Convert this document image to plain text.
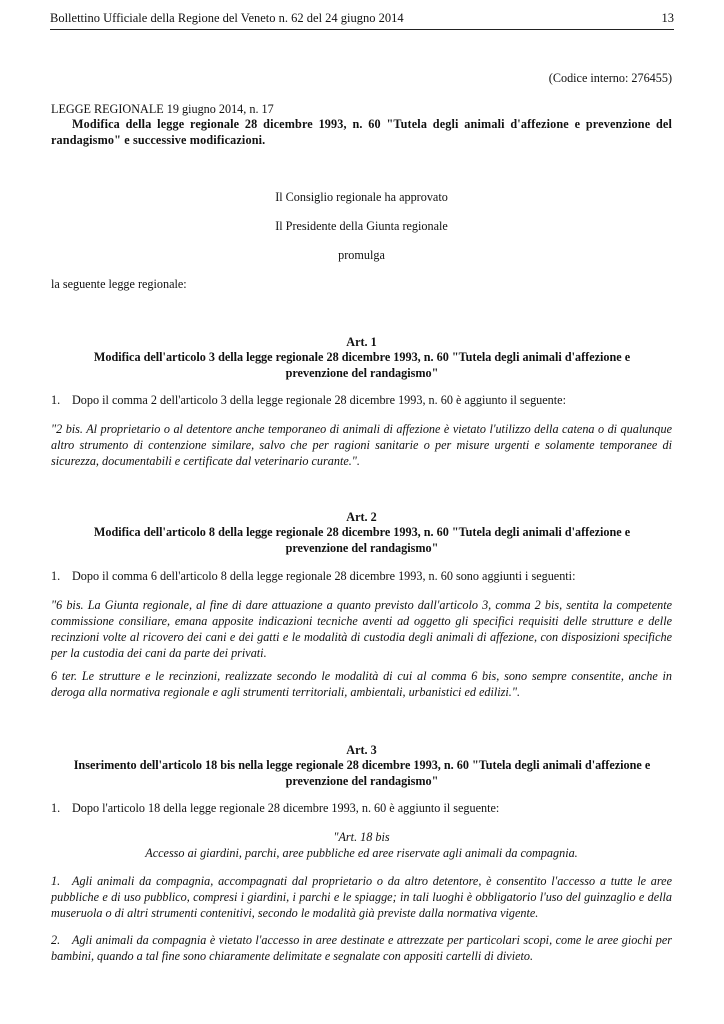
Bollettino Ufficiale della Regione del Veneto n. 62 del 24 giugno 2014	13
(Codice interno: 276455)
LEGGE REGIONALE 19 giugno 2014, n. 17
Modifica della legge regionale 28 dicembre 1993, n. 60 "Tutela degli animali d'affezione e prevenzione del randagismo" e successive modificazioni.
Il Consiglio regionale ha approvato
Il Presidente della Giunta regionale
promulga
la seguente legge regionale:
Art. 1
Modifica dell'articolo 3 della legge regionale 28 dicembre 1993, n. 60 "Tutela degli animali d'affezione e prevenzione del randagismo"
1. Dopo il comma 2 dell'articolo 3 della legge regionale 28 dicembre 1993, n. 60 è aggiunto il seguente:
"2 bis. Al proprietario o al detentore anche temporaneo di animali di affezione è vietato l'utilizzo della catena o di qualunque altro strumento di contenzione similare, salvo che per ragioni sanitarie o per misure urgenti e solamente temporanee di sicurezza, documentabili e certificate dal veterinario curante.".
Art. 2
Modifica dell'articolo 8 della legge regionale 28 dicembre 1993, n. 60 "Tutela degli animali d'affezione e prevenzione del randagismo"
1. Dopo il comma 6 dell'articolo 8 della legge regionale 28 dicembre 1993, n. 60 sono aggiunti i seguenti:
"6 bis. La Giunta regionale, al fine di dare attuazione a quanto previsto dall'articolo 3, comma 2 bis, sentita la competente commissione consiliare, emana apposite indicazioni tecniche aventi ad oggetto gli specifici requisiti delle strutture e delle recinzioni volte al ricovero dei cani e dei gatti e le modalità di custodia degli animali di affezione, con disposizioni specifiche per la custodia dei cani da parte dei privati.
6 ter. Le strutture e le recinzioni, realizzate secondo le modalità di cui al comma 6 bis, sono sempre consentite, anche in deroga alla normativa regionale e agli strumenti territoriali, ambientali, urbanistici ed edilizi.".
Art. 3
Inserimento dell'articolo 18 bis nella legge regionale 28 dicembre 1993, n. 60 "Tutela degli animali d'affezione e prevenzione del randagismo"
1. Dopo l'articolo 18 della legge regionale 28 dicembre 1993, n. 60 è aggiunto il seguente:
"Art. 18 bis
Accesso ai giardini, parchi, aree pubbliche ed aree riservate agli animali da compagnia.
1. Agli animali da compagnia, accompagnati dal proprietario o da altro detentore, è consentito l'accesso a tutte le aree pubbliche e di uso pubblico, compresi i giardini, i parchi e le spiagge; in tali luoghi è obbligatorio l'uso del guinzaglio e della museruola o di altri strumenti contenitivi, secondo le modalità già previste dalla normativa vigente.
2. Agli animali da compagnia è vietato l'accesso in aree destinate e attrezzate per particolari scopi, come le aree giochi per bambini, quando a tal fine sono chiaramente delimitate e segnalate con appositi cartelli di divieto.
